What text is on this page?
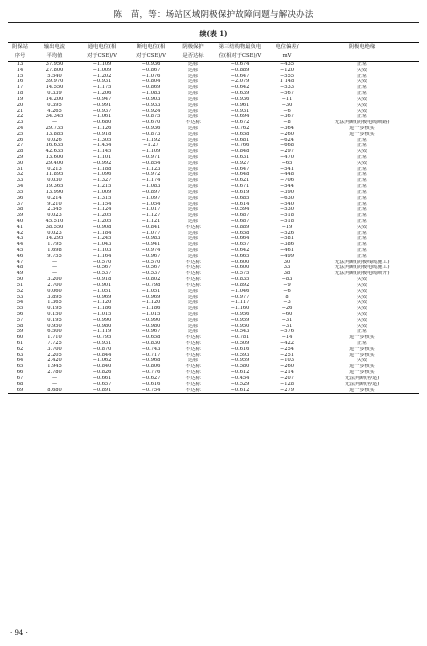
陈　苗，等：场站区域阴极保护故障问题与解决办法
续(表 1)
阴保站	输出电流	通电电位(相	断电电位(相	阴极保护	第三结构物最负电	电位偏差/	阴极电绝缘
序号	平均值	对于CSE)/V	对于CSE)/V	是否达标	位(相对于CSE)/V	mV	
13	37.950	−1.109	−0.936	达标	−0.674	−435	正常
14	27.800	−1.009	−0.867	达标	−0.889	−120	失效
15	5.540	−1.202	−1.076	达标	−0.647	−555	正常
16	39.970	−0.931	−0.804	达标	−2.079	1 148	失效
17	14.550	−1.175	−0.869	达标	−0.642	−533	正常
18	0.339	−1.206	−1.083	达标	−0.639	−567	正常
19	14.200	−0.947	−0.903	达标	−0.936	−11	失效
20	0.395	−0.991	−0.933	达标	−0.961	−30	失效
21	4.265	−0.937	−0.924	达标	−0.931	−6	失效
22	34.345	−1.061	−0.875	达标	−0.694	−367	正常
23	—	−0.680	−0.670	不达标	−0.672	−8	无法判断(阴极电缆断路)
24	29.735	−1.126	−0.936	达标	−0.762	−364	进一步核实
25	13.885	−0.918	−0.873	达标	−0.658	−260	进一步核实
26	0.026	−1.305	−1.192	达标	−0.681	−624	正常
27	16.635	−1.434	−1.27	达标	−0.766	−668	正常
28	42.635	−1.145	−1.109	达标	−0.848	−297	失效
29	13.600	−1.101	−0.971	达标	−0.631	−470	正常
30	29.400	−0.992	−0.854	达标	−0.927	−65	失效
31	0.213	−1.188	−1.123	达标	−0.647	−541	正常
32	11.895	−1.096	−0.972	达标	−0.648	−448	正常
33	0.030	−1.327	−1.174	达标	−0.621	−706	正常
34	19.365	−1.215	−1.083	达标	−0.671	−544	正常
35	13.990	−1.009	−0.897	达标	−0.619	−390	正常
36	0.214	−1.315	−1.097	达标	−0.685	−630	正常
37	9.210	−1.154	−1.054	达标	−0.614	−540	正常
38	2.345	−1.124	−1.017	达标	−0.594	−530	正常
39	0.023	−1.205	−1.127	达标	−0.687	−518	正常
40	45.510	−1.205	−1.121	达标	−0.687	−518	正常
41	38.550	−0.908	−0.841	不达标	−0.889	−19	失效
42	0.023	−1.184	−1.077	达标	−0.658	−526	正常
43	14.295	−1.245	−0.983	达标	−0.664	−581	正常
44	1.795	−1.043	−0.941	达标	−0.657	−386	正常
45	1.698	−1.103	−0.974	达标	−0.642	−461	正常
46	9.755	−1.164	−0.967	达标	−0.665	−499	正常
47	—	−0.570	−0.570	不达标	−0.600	30	无法判断(阴极线缆施工)
48	—	−0.567	−0.567	不达标	−0.600	33	无法判断(阴极电缆施工)
49	—	−0.537	−0.537	不达标	−0.575	38	无法判断(阴极电缆断开)
50	3.200	−0.918	−0.802	不达标	−0.835	−83	失效
51	2.700	−0.901	−0.798	不达标	−0.892	−9	失效
52	0.060	−1.051	−1.051	达标	−1.046	−6	失效
53	3.895	−0.969	−0.969	达标	−0.977	8	失效
54	1.365	−1.120	−1.120	达标	−1.117	−3	失效
55	0.195	−1.186	−1.186	达标	−1.160	−26	失效
56	0.150	−1.015	−1.015	达标	−0.956	−60	失效
57	0.195	−0.990	−0.990	达标	−0.959	−31	失效
58	0.950	−0.980	−0.980	达标	−0.950	−31	失效
59	6.500	−1.119	−0.967	达标	−0.543	−576	正常
60	1.710	−0.795	−0.658	不达标	−0.781	−14	进一步核实
61	7.725	−0.931	−0.830	不达标	−0.509	−422	正常
62	3.700	−0.870	−0.743	不达标	−0.616	−254	进一步核实
63	2.205	−0.844	−0.717	不达标	−0.593	−251	进一步核实
64	2.420	−1.062	−0.968	达标	−0.959	−103	失效
65	1.945	−0.840	−0.806	不达标	−0.580	−260	进一步核实
66	2.780	−0.826	−0.776	不达标	−0.612	−214	进一步核实
67	—	−0.661	−0.627	不达标	−0.454	−207	无法判断(停运)
68	—	−0.657	−0.616	不达标	−0.529	−128	无法判断(停运)
69	8.680	−0.891	−0.754	不达标	−0.612	−279	进一步核实
· 94 ·
